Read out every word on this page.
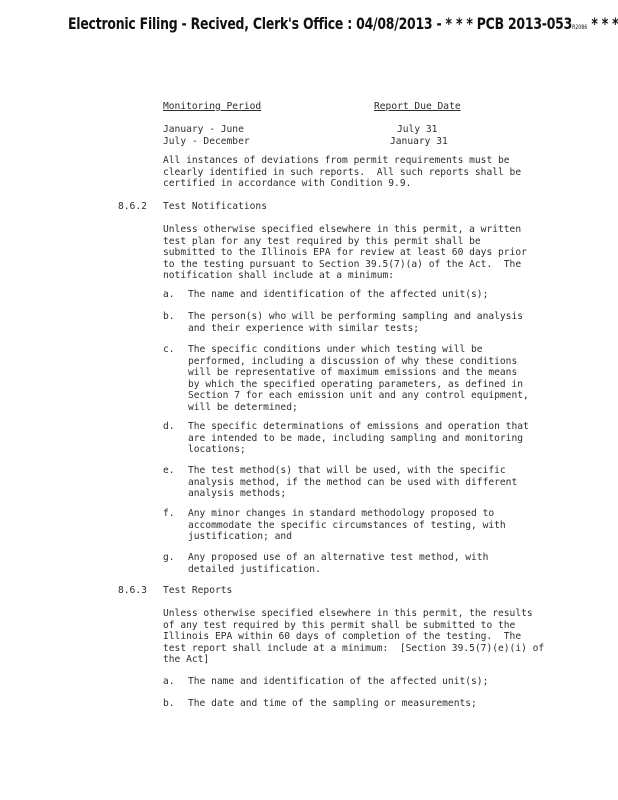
Electronic Filing - Recived, Clerk's Office : 04/08/2013 - * * * PCB 2013-053R2086 * * *
Monitoring Period	Report Due Date
January - June	July 31
July - December	January 31
All instances of deviations from permit requirements must be
clearly identified in such reports.  All such reports shall be
certified in accordance with Condition 9.9.
8.6.2 Test Notifications
Unless otherwise specified elsewhere in this permit, a written
test plan for any test required by this permit shall be
submitted to the Illinois EPA for review at least 60 days prior
to the testing pursuant to Section 39.5(7)(a) of the Act.  The
notification shall include at a minimum:
a. The name and identification of the affected unit(s);
b. The person(s) who will be performing sampling and analysis
and their experience with similar tests;
c. The specific conditions under which testing will be
performed, including a discussion of why these conditions
will be representative of maximum emissions and the means
by which the specified operating parameters, as defined in
Section 7 for each emission unit and any control equipment,
will be determined;
d. The specific determinations of emissions and operation that
are intended to be made, including sampling and monitoring
locations;
e. The test method(s) that will be used, with the specific
analysis method, if the method can be used with different
analysis methods;
f. Any minor changes in standard methodology proposed to
accommodate the specific circumstances of testing, with
justification; and
g. Any proposed use of an alternative test method, with
detailed justification.
8.6.3 Test Reports
Unless otherwise specified elsewhere in this permit, the results
of any test required by this permit shall be submitted to the
Illinois EPA within 60 days of completion of the testing.  The
test report shall include at a minimum:  [Section 39.5(7)(e)(i) of
the Act]
a. The name and identification of the affected unit(s);
b. The date and time of the sampling or measurements;
